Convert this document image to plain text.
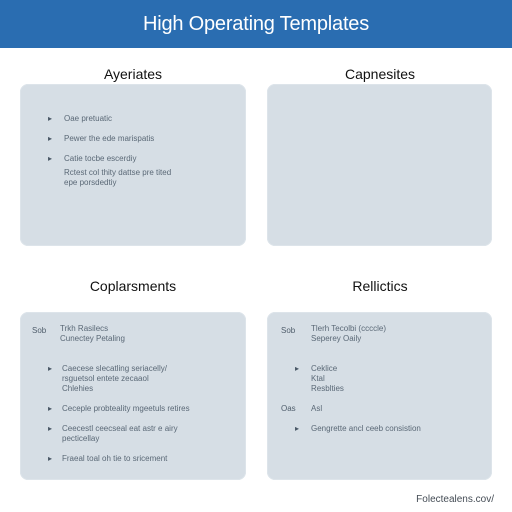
High Operating Templates
Ayeriates
▸ Oae pretuatic
▸ Pewer the ede marispatis
▸ Catie tocbe escerdiy
Rctest col thity dattse pre tited
epe porsdedtiy
Capnesites
Coplarsments
Sob Trkh Rasilecs
Cunectey Petaling
▸ Caecese slecatling seriacelly/
rsguetsol entete zecaaol
Chlehies
▸ Ceceple probteality mgeetuls retires
▸ Ceecestl ceecseal eat astr e airy
pecticellay
▸ Fraeal toal oh tie to sricement
Rellictics
Sob Tlerh Tecolbi (ccccle)
Seperey Oaily
▸ Ceklice
Ktal
Resblties
Oas Asl
▸ Gengrette ancl ceeb consistion
Folectealens.cov/
